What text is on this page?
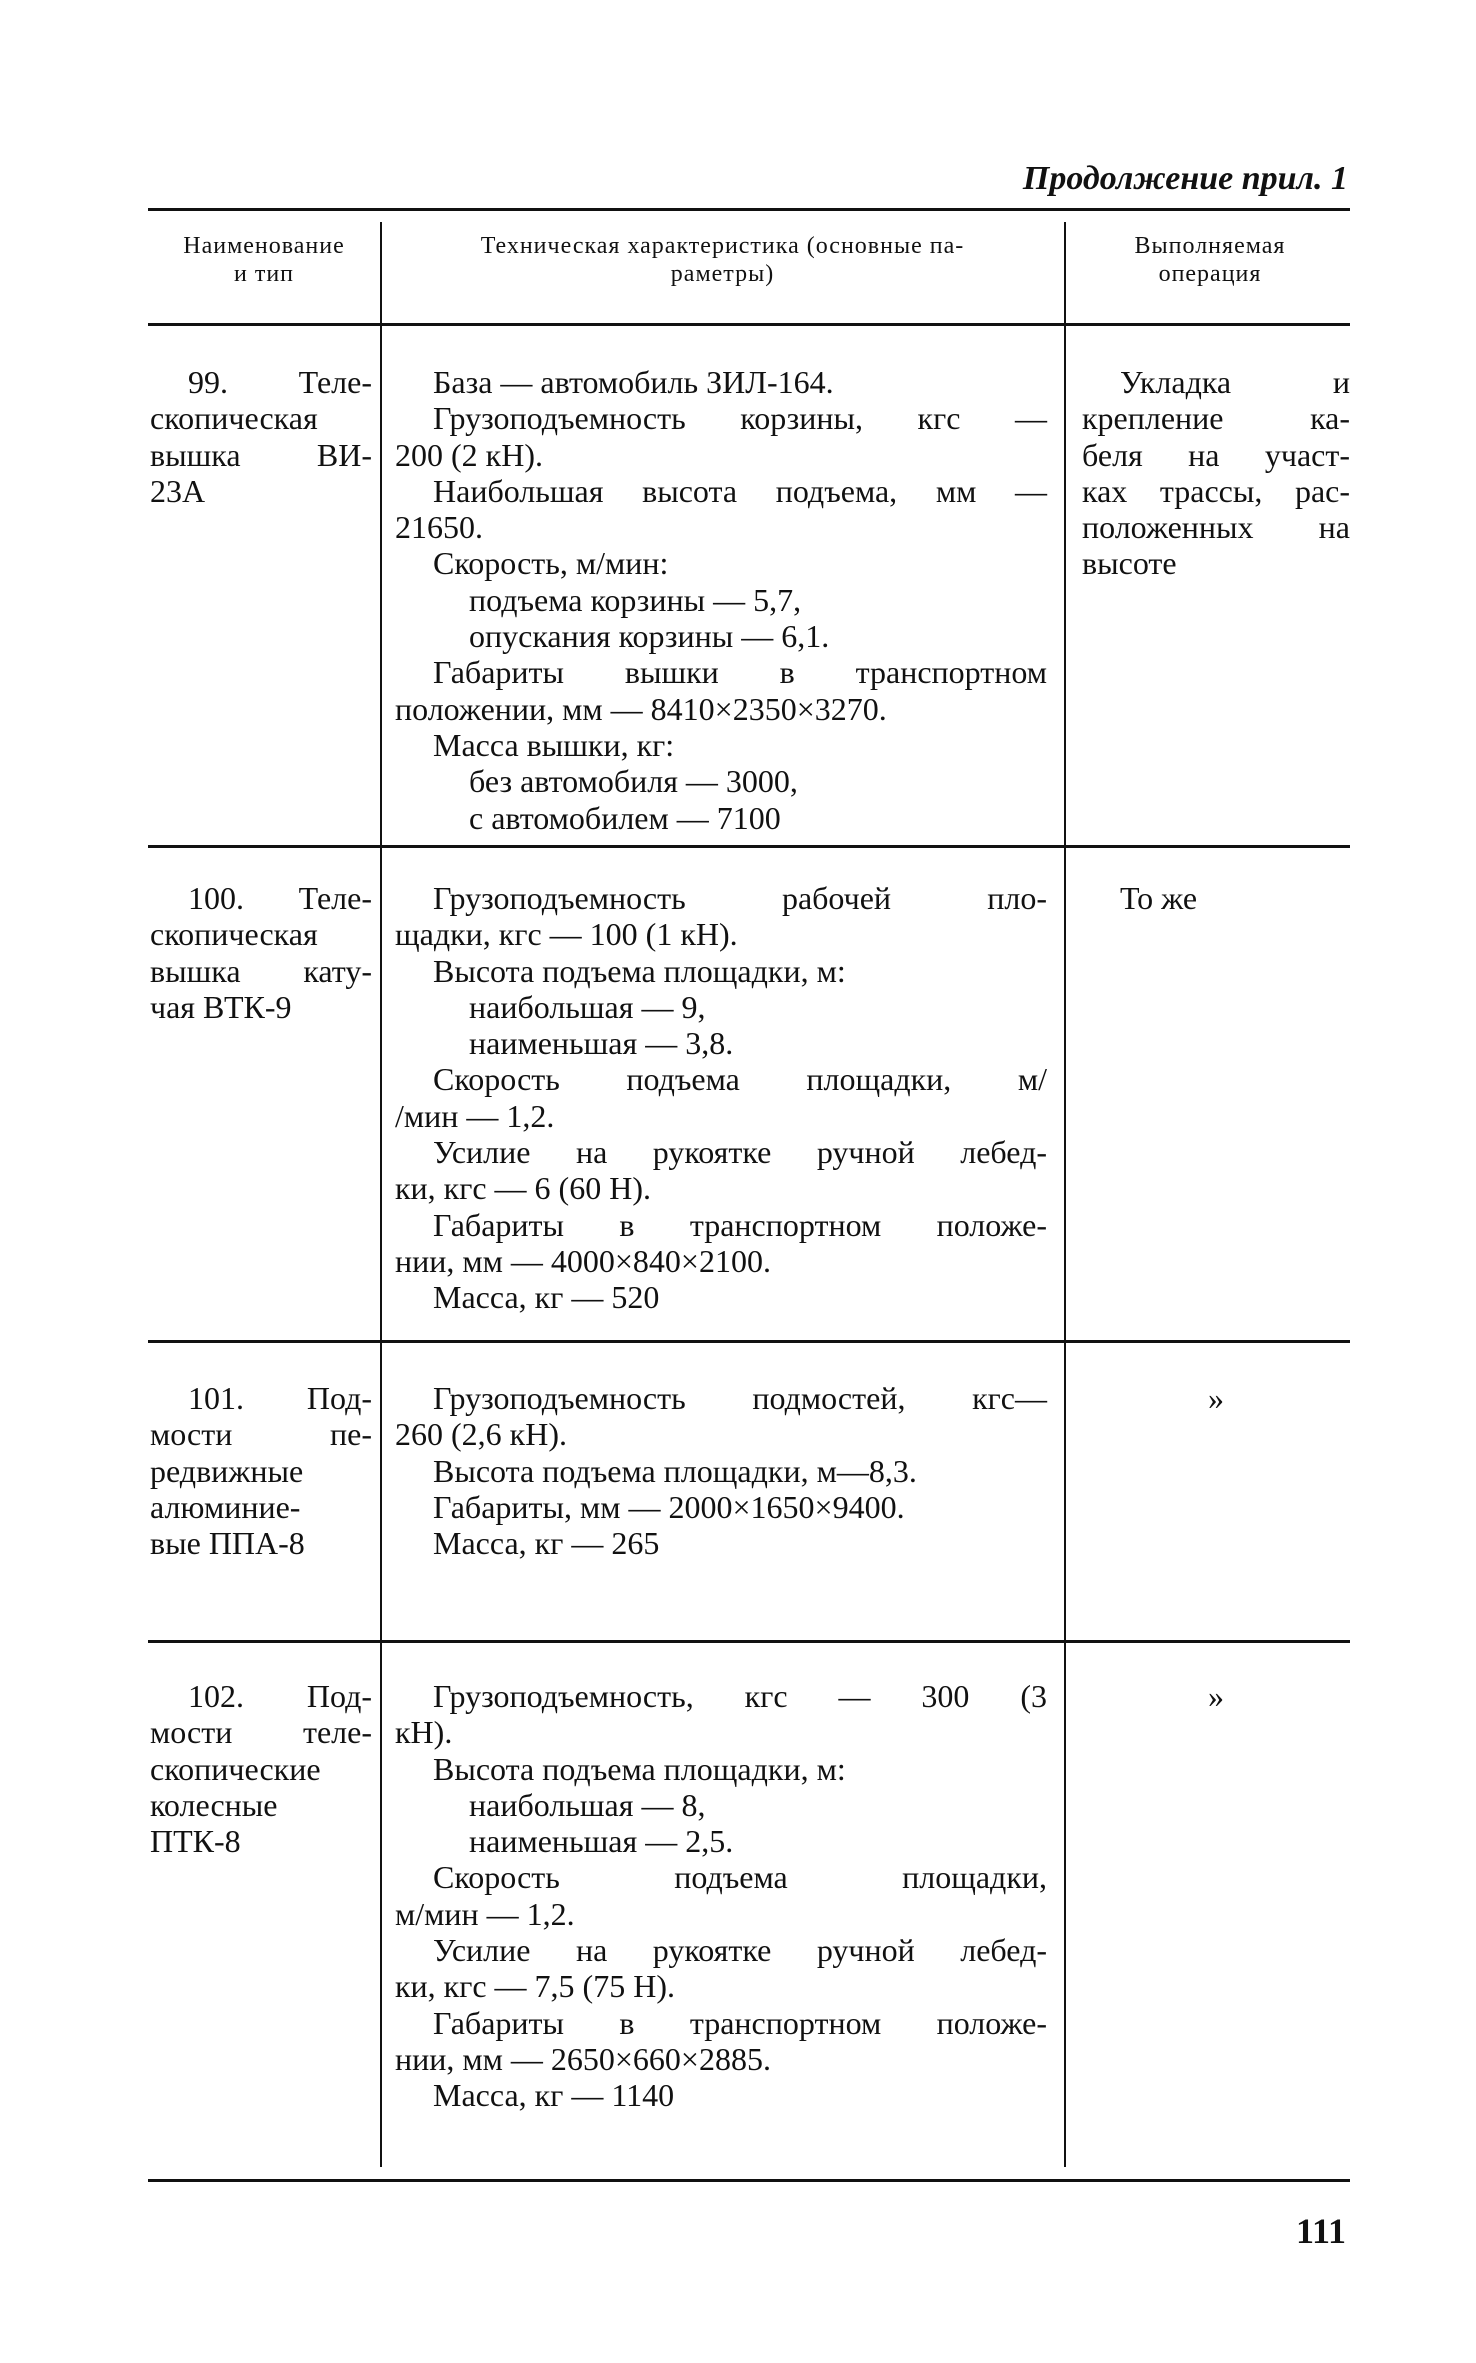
Продолжение прил. 1
Наименование
и тип
Техническая характеристика (основные па-
раметры)
Выполняемая
операция
99. Теле-
скопическая
вышка ВИ-
23А
База — автомобиль ЗИЛ-164.
Грузоподъемность корзины, кгс —
200 (2 кН).
Наибольшая высота подъема, мм —
21650.
Скорость, м/мин:
подъема корзины — 5,7,
опускания корзины — 6,1.
Габариты вышки в транспортном
положении, мм — 8410×2350×3270.
Масса вышки, кг:
без автомобиля — 3000,
с автомобилем — 7100
Укладка и
крепление ка-
беля на участ-
ках трассы, рас-
положенных на
высоте
100. Теле-
скопическая
вышка кату-
чая ВТК-9
Грузоподъемность рабочей пло-
щадки, кгс — 100 (1 кН).
Высота подъема площадки, м:
наибольшая — 9,
наименьшая — 3,8.
Скорость подъема площадки, м/
/мин — 1,2.
Усилие на рукоятке ручной лебед-
ки, кгс — 6 (60 Н).
Габариты в транспортном положе-
нии, мм — 4000×840×2100.
Масса, кг — 520
То же
101. Под-
мости пе-
редвижные
алюминие-
вые ППА-8
Грузоподъемность подмостей, кгс—
260 (2,6 кН).
Высота подъема площадки, м—8,3.
Габариты, мм — 2000×1650×9400.
Масса, кг — 265
»
102. Под-
мости теле-
скопические
колесные
ПТК-8
Грузоподъемность, кгс — 300 (3
кН).
Высота подъема площадки, м:
наибольшая — 8,
наименьшая — 2,5.
Скорость подъема площадки,
м/мин — 1,2.
Усилие на рукоятке ручной лебед-
ки, кгс — 7,5 (75 Н).
Габариты в транспортном положе-
нии, мм — 2650×660×2885.
Масса, кг — 1140
»
111
